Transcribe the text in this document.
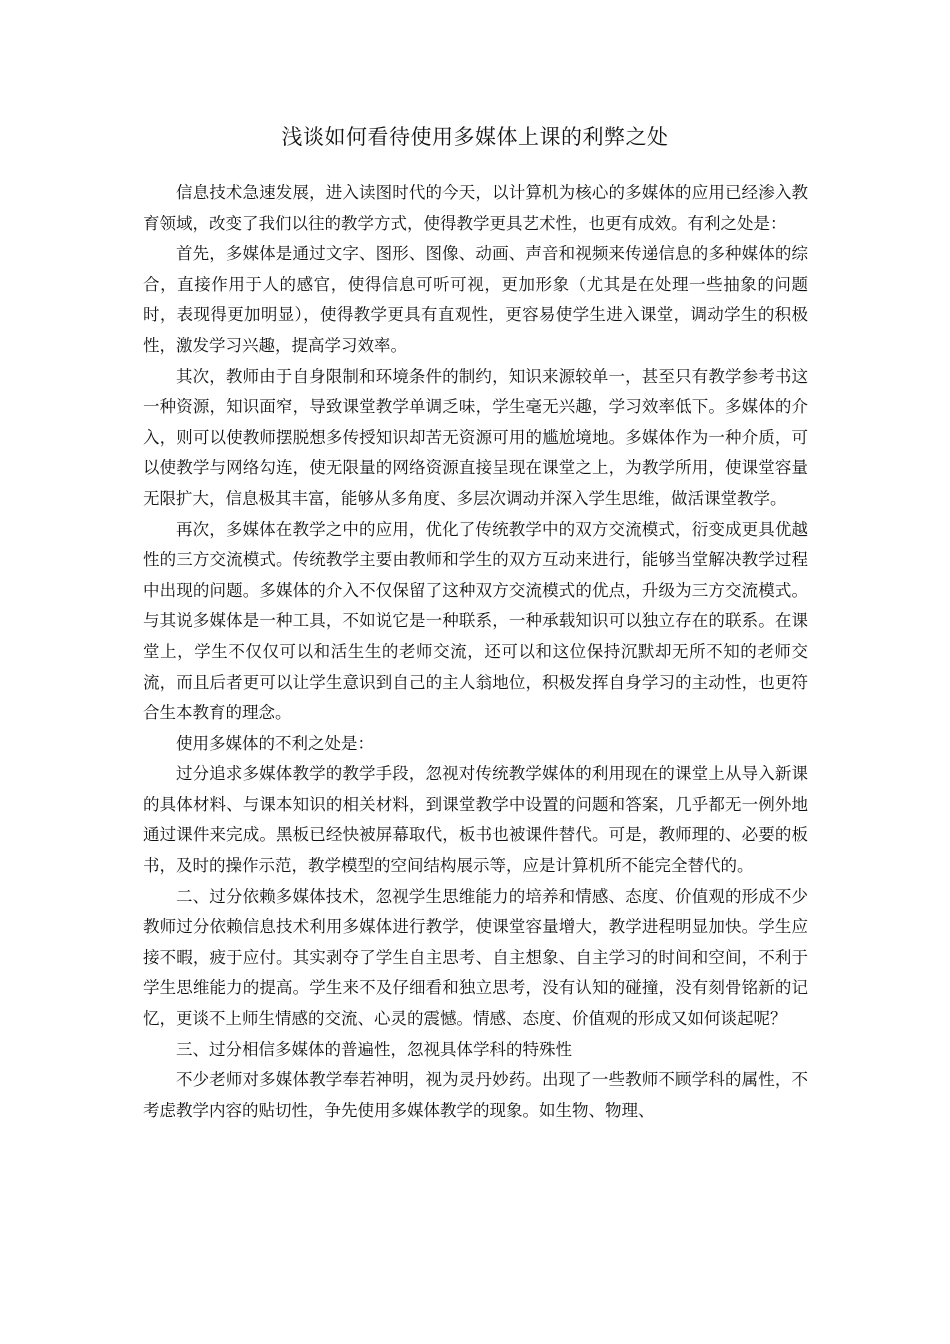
浅谈如何看待使用多媒体上课的利弊之处

信息技术急速发展，进入读图时代的今天，以计算机为核心的多媒体的应用已经渗入教育领域，改变了我们以往的教学方式，使得教学更具艺术性，也更有成效。有利之处是：

首先，多媒体是通过文字、图形、图像、动画、声音和视频来传递信息的多种媒体的综合，直接作用于人的感官，使得信息可听可视，更加形象（尤其是在处理一些抽象的问题时，表现得更加明显），使得教学更具有直观性，更容易使学生进入课堂，调动学生的积极性，激发学习兴趣，提高学习效率。

其次，教师由于自身限制和环境条件的制约，知识来源较单一，甚至只有教学参考书这一种资源，知识面窄，导致课堂教学单调乏味，学生毫无兴趣，学习效率低下。多媒体的介入，则可以使教师摆脱想多传授知识却苦无资源可用的尴尬境地。多媒体作为一种介质，可以使教学与网络勾连，使无限量的网络资源直接呈现在课堂之上，为教学所用，使课堂容量无限扩大，信息极其丰富，能够从多角度、多层次调动并深入学生思维，做活课堂教学。

再次，多媒体在教学之中的应用，优化了传统教学中的双方交流模式，衍变成更具优越性的三方交流模式。传统教学主要由教师和学生的双方互动来进行，能够当堂解决教学过程中出现的问题。多媒体的介入不仅保留了这种双方交流模式的优点，升级为三方交流模式。与其说多媒体是一种工具，不如说它是一种联系，一种承载知识可以独立存在的联系。在课堂上，学生不仅仅可以和活生生的老师交流，还可以和这位保持沉默却无所不知的老师交流，而且后者更可以让学生意识到自己的主人翁地位，积极发挥自身学习的主动性，也更符合生本教育的理念。

使用多媒体的不利之处是：

过分追求多媒体教学的教学手段，忽视对传统教学媒体的利用现在的课堂上从导入新课的具体材料、与课本知识的相关材料，到课堂教学中设置的问题和答案，几乎都无一例外地通过课件来完成。黑板已经快被屏幕取代，板书也被课件替代。可是，教师理的、必要的板书，及时的操作示范，教学模型的空间结构展示等，应是计算机所不能完全替代的。

二、过分依赖多媒体技术，忽视学生思维能力的培养和情感、态度、价值观的形成不少教师过分依赖信息技术利用多媒体进行教学，使课堂容量增大，教学进程明显加快。学生应接不暇，疲于应付。其实剥夺了学生自主思考、自主想象、自主学习的时间和空间，不利于学生思维能力的提高。学生来不及仔细看和独立思考，没有认知的碰撞，没有刻骨铭新的记忆，更谈不上师生情感的交流、心灵的震憾。情感、态度、价值观的形成又如何谈起呢？

三、过分相信多媒体的普遍性，忽视具体学科的特殊性

不少老师对多媒体教学奉若神明，视为灵丹妙药。出现了一些教师不顾学科的属性，不考虑教学内容的贴切性，争先使用多媒体教学的现象。如生物、物理、
